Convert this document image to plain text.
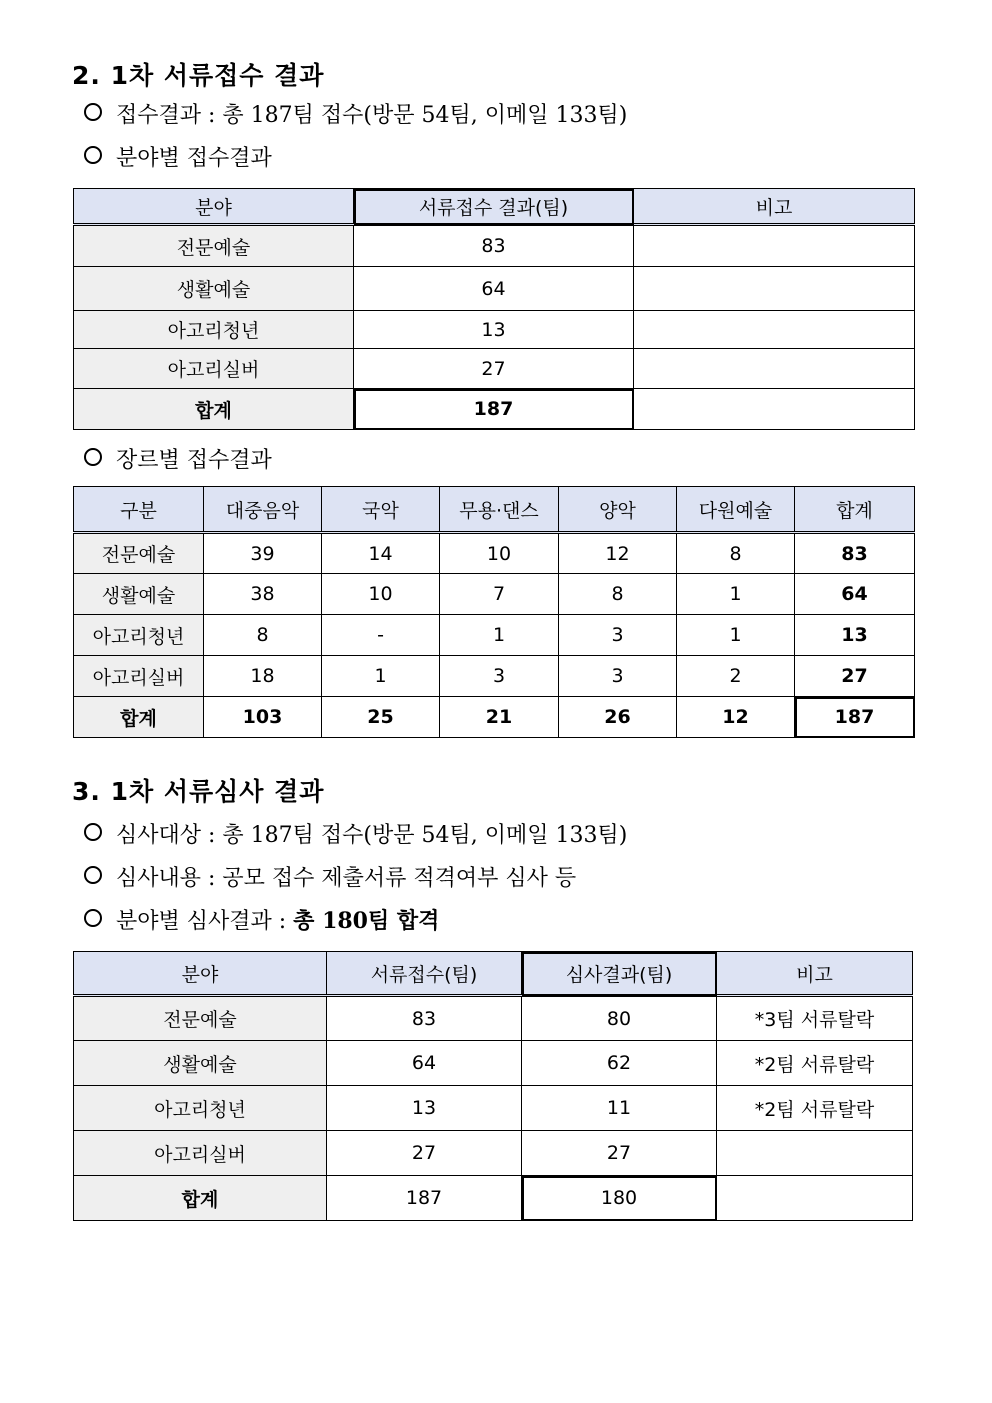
2. 1차 서류접수 결과
접수결과 : 총 187팀 접수(방문 54팀, 이메일 133팀)
분야별 접수결과
분야	서류접수 결과(팀)	비고
전문예술	83	
생활예술	64	
아고리청년	13	
아고리실버	27	
합계	187	
장르별 접수결과
구분	대중음악	국악	무용·댄스	양악	다원예술	합계
전문예술	39	14	10	12	8	83
생활예술	38	10	7	8	1	64
아고리청년	8	-	1	3	1	13
아고리실버	18	1	3	3	2	27
합계	103	25	21	26	12	187
3. 1차 서류심사 결과
심사대상 : 총 187팀 접수(방문 54팀, 이메일 133팀)
심사내용 : 공모 접수 제출서류 적격여부 심사 등
분야별 심사결과 : 총 180팀 합격
분야	서류접수(팀)	심사결과(팀)	비고
전문예술	83	80	*3팀 서류탈락
생활예술	64	62	*2팀 서류탈락
아고리청년	13	11	*2팀 서류탈락
아고리실버	27	27	
합계	187	180	
